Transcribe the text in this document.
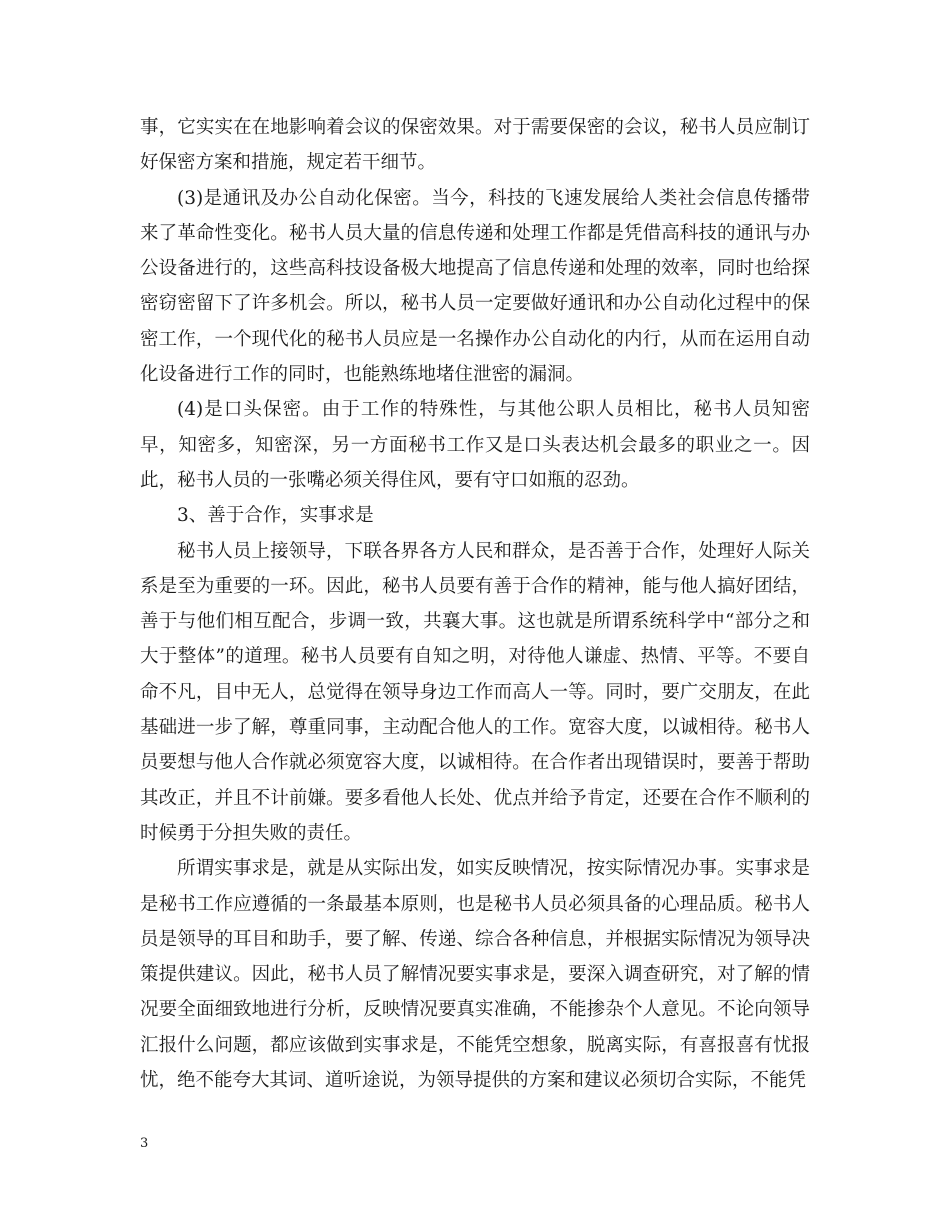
事，它实实在在地影响着会议的保密效果。对于需要保密的会议，秘书人员应制订好保密方案和措施，规定若干细节。

(3)是通讯及办公自动化保密。当今，科技的飞速发展给人类社会信息传播带来了革命性变化。秘书人员大量的信息传递和处理工作都是凭借高科技的通讯与办公设备进行的，这些高科技设备极大地提高了信息传递和处理的效率，同时也给探密窃密留下了许多机会。所以，秘书人员一定要做好通讯和办公自动化过程中的保密工作，一个现代化的秘书人员应是一名操作办公自动化的内行，从而在运用自动化设备进行工作的同时，也能熟练地堵住泄密的漏洞。

(4)是口头保密。由于工作的特殊性，与其他公职人员相比，秘书人员知密早，知密多，知密深，另一方面秘书工作又是口头表达机会最多的职业之一。因此，秘书人员的一张嘴必须关得住风，要有守口如瓶的忍劲。

3、善于合作，实事求是

秘书人员上接领导，下联各界各方人民和群众，是否善于合作，处理好人际关系是至为重要的一环。因此，秘书人员要有善于合作的精神，能与他人搞好团结，善于与他们相互配合，步调一致，共襄大事。这也就是所谓系统科学中“部分之和大于整体”的道理。秘书人员要有自知之明，对待他人谦虚、热情、平等。不要自命不凡，目中无人，总觉得在领导身边工作而高人一等。同时，要广交朋友，在此基础进一步了解，尊重同事，主动配合他人的工作。宽容大度，以诚相待。秘书人员要想与他人合作就必须宽容大度，以诚相待。在合作者出现错误时，要善于帮助其改正，并且不计前嫌。要多看他人长处、优点并给予肯定，还要在合作不顺利的时候勇于分担失败的责任。

所谓实事求是，就是从实际出发，如实反映情况，按实际情况办事。实事求是是秘书工作应遵循的一条最基本原则，也是秘书人员必须具备的心理品质。秘书人员是领导的耳目和助手，要了解、传递、综合各种信息，并根据实际情况为领导决策提供建议。因此，秘书人员了解情况要实事求是，要深入调查研究，对了解的情况要全面细致地进行分析，反映情况要真实准确，不能掺杂个人意见。不论向领导汇报什么问题，都应该做到实事求是，不能凭空想象，脱离实际，有喜报喜有忧报忧，绝不能夸大其词、道听途说，为领导提供的方案和建议必须切合实际，不能凭

3
